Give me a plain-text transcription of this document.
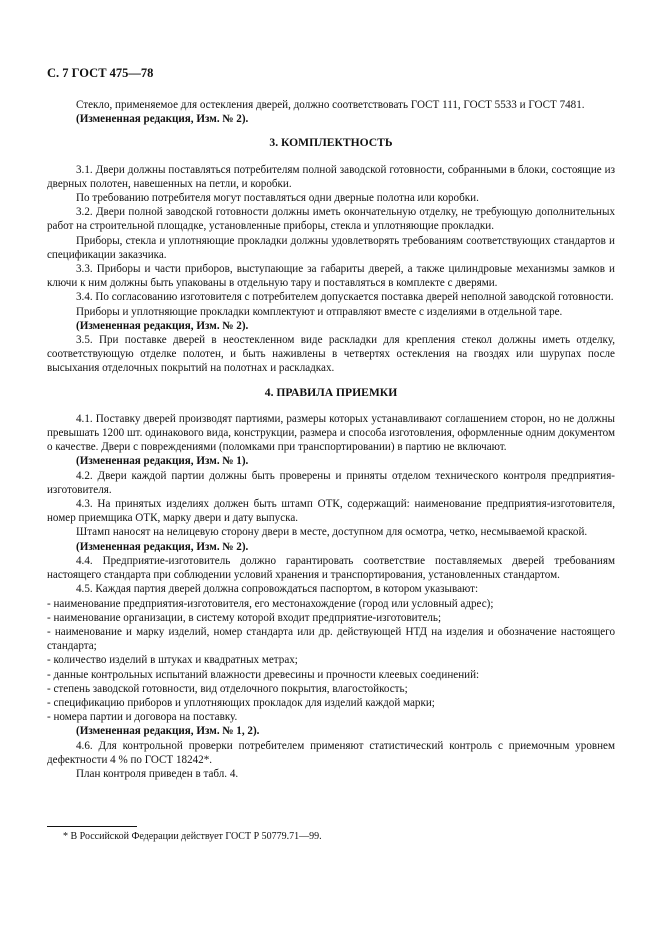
С. 7 ГОСТ 475—78

Стекло, применяемое для остекления дверей, должно соответствовать ГОСТ 111, ГОСТ 5533 и ГОСТ 7481.

(Измененная редакция, Изм. № 2).

3. КОМПЛЕКТНОСТЬ

3.1. Двери должны поставляться потребителям полной заводской готовности, собранными в блоки, состоящие из дверных полотен, навешенных на петли, и коробки.

По требованию потребителя могут поставляться одни дверные полотна или коробки.

3.2. Двери полной заводской готовности должны иметь окончательную отделку, не требующую дополнительных работ на строительной площадке, установленные приборы, стекла и уплотняющие прокладки.

Приборы, стекла и уплотняющие прокладки должны удовлетворять требованиям соответствующих стандартов и спецификации заказчика.

3.3. Приборы и части приборов, выступающие за габариты дверей, а также цилиндровые механизмы замков и ключи к ним должны быть упакованы в отдельную тару и поставляться в комплекте с дверями.

3.4. По согласованию изготовителя с потребителем допускается поставка дверей неполной заводской готовности.

Приборы и уплотняющие прокладки комплектуют и отправляют вместе с изделиями в отдельной таре.

(Измененная редакция, Изм. № 2).

3.5. При поставке дверей в неостекленном виде раскладки для крепления стекол должны иметь отделку, соответствующую отделке полотен, и быть наживлены в четвертях остекления на гвоздях или шурупах после высыхания отделочных покрытий на полотнах и раскладках.

4. ПРАВИЛА ПРИЕМКИ

4.1. Поставку дверей производят партиями, размеры которых устанавливают соглашением сторон, но не должны превышать 1200 шт. одинакового вида, конструкции, размера и способа изготовления, оформленные одним документом о качестве. Двери с повреждениями (поломками при транспортировании) в партию не включают.

(Измененная редакция, Изм. № 1).

4.2. Двери каждой партии должны быть проверены и приняты отделом технического контроля предприятия-изготовителя.

4.3. На принятых изделиях должен быть штамп ОТК, содержащий: наименование предприятия-изготовителя, номер приемщика ОТК, марку двери и дату выпуска.

Штамп наносят на нелицевую сторону двери в месте, доступном для осмотра, четко, несмываемой краской.

(Измененная редакция, Изм. № 2).

4.4. Предприятие-изготовитель должно гарантировать соответствие поставляемых дверей требованиям настоящего стандарта при соблюдении условий хранения и транспортирования, установленных стандартом.

4.5. Каждая партия дверей должна сопровождаться паспортом, в котором указывают:

- наименование предприятия-изготовителя, его местонахождение (город или условный адрес);

- наименование организации, в систему которой входит предприятие-изготовитель;

- наименование и марку изделий, номер стандарта или др. действующей НТД на изделия и обозначение настоящего стандарта;

- количество изделий в штуках и квадратных метрах;

- данные контрольных испытаний влажности древесины и прочности клеевых соединений:

- степень заводской готовности, вид отделочного покрытия, влагостойкость;

- спецификацию приборов и уплотняющих прокладок для изделий каждой марки;

- номера партии и договора на поставку.

(Измененная редакция, Изм. № 1, 2).

4.6. Для контрольной проверки потребителем применяют статистический контроль с приемочным уровнем дефектности 4 % по ГОСТ 18242*.

План контроля приведен в табл. 4.

* В Российской Федерации действует ГОСТ Р 50779.71—99.
